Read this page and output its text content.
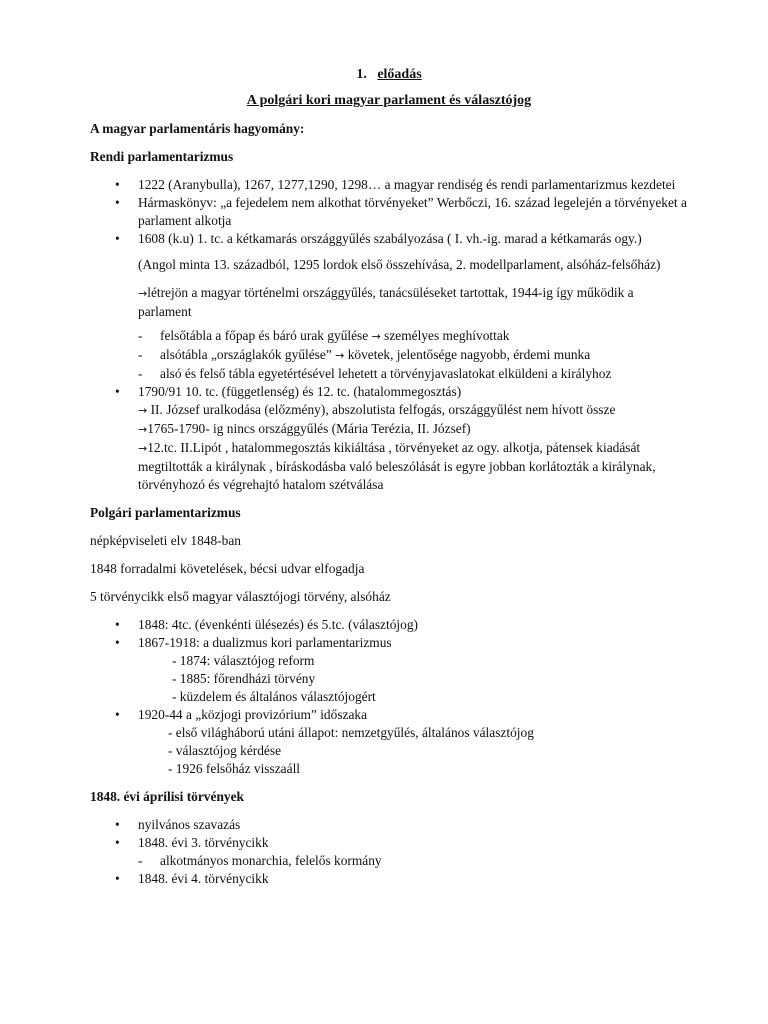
1. előadás
A polgári kori magyar parlament és választójog
A magyar parlamentáris hagyomány:
Rendi parlamentarizmus
• 1222 (Aranybulla), 1267, 1277,1290, 1298… a magyar rendiség és rendi parlamentarizmus kezdetei
• Hármaskönyv: „a fejedelem nem alkothat törvényeket” Werbőczi, 16. század legelején a törvényeket a parlament alkotja
• 1608 (k.u) 1. tc. a kétkamarás országgyűlés szabályozása ( I. vh.-ig. marad a kétkamarás ogy.)
(Angol minta 13. századból, 1295 lordok első összehívása, 2. modellparlament, alsóház-felsőház)
→létrejön a magyar történelmi országgyűlés, tanácsüléseket tartottak, 1944-ig így működik a parlament
- felsőtábla a főpap és báró urak gyűlése → személyes meghívottak
- alsótábla „országlakók gyűlése” → követek, jelentősége nagyobb, érdemi munka
- alsó és felső tábla egyetértésével lehetett a törvényjavaslatokat elküldeni a királyhoz
• 1790/91 10. tc. (függetlenség) és 12. tc. (hatalommegosztás)
→ II. József uralkodása (előzmény), abszolutista felfogás, országgyűlést nem hívott össze
→1765-1790- ig nincs országgyűlés (Mária Terézia, II. József)
→12.tc. II.Lipót , hatalommegosztás kikiáltása , törvényeket az ogy. alkotja, pátensek kiadását megtiltották a királynak , bíráskodásba való beleszólását is egyre jobban korlátozták a királynak, törvényhozó és végrehajtó hatalom szétválása
Polgári parlamentarizmus

népképviseleti elv 1848-ban

1848 forradalmi követelések, bécsi udvar elfogadja

5 törvénycikk első magyar választójogi törvény, alsóház

• 1848: 4tc. (évenkénti ülésezés) és 5.tc. (választójog)
• 1867-1918: a dualizmus kori parlamentarizmus
- 1874: választójog reform
- 1885: főrendházi törvény
- küzdelem és általános választójogért
• 1920-44 a „közjogi provizórium” időszaka
- első világháború utáni állapot: nemzetgyűlés, általános választójog
- választójog kérdése
- 1926 felsőház visszaáll
1848. évi áprilisi törvények
• nyilvános szavazás
• 1848. évi 3. törvénycikk
- alkotmányos monarchia, felelős kormány
• 1848. évi 4. törvénycikk
